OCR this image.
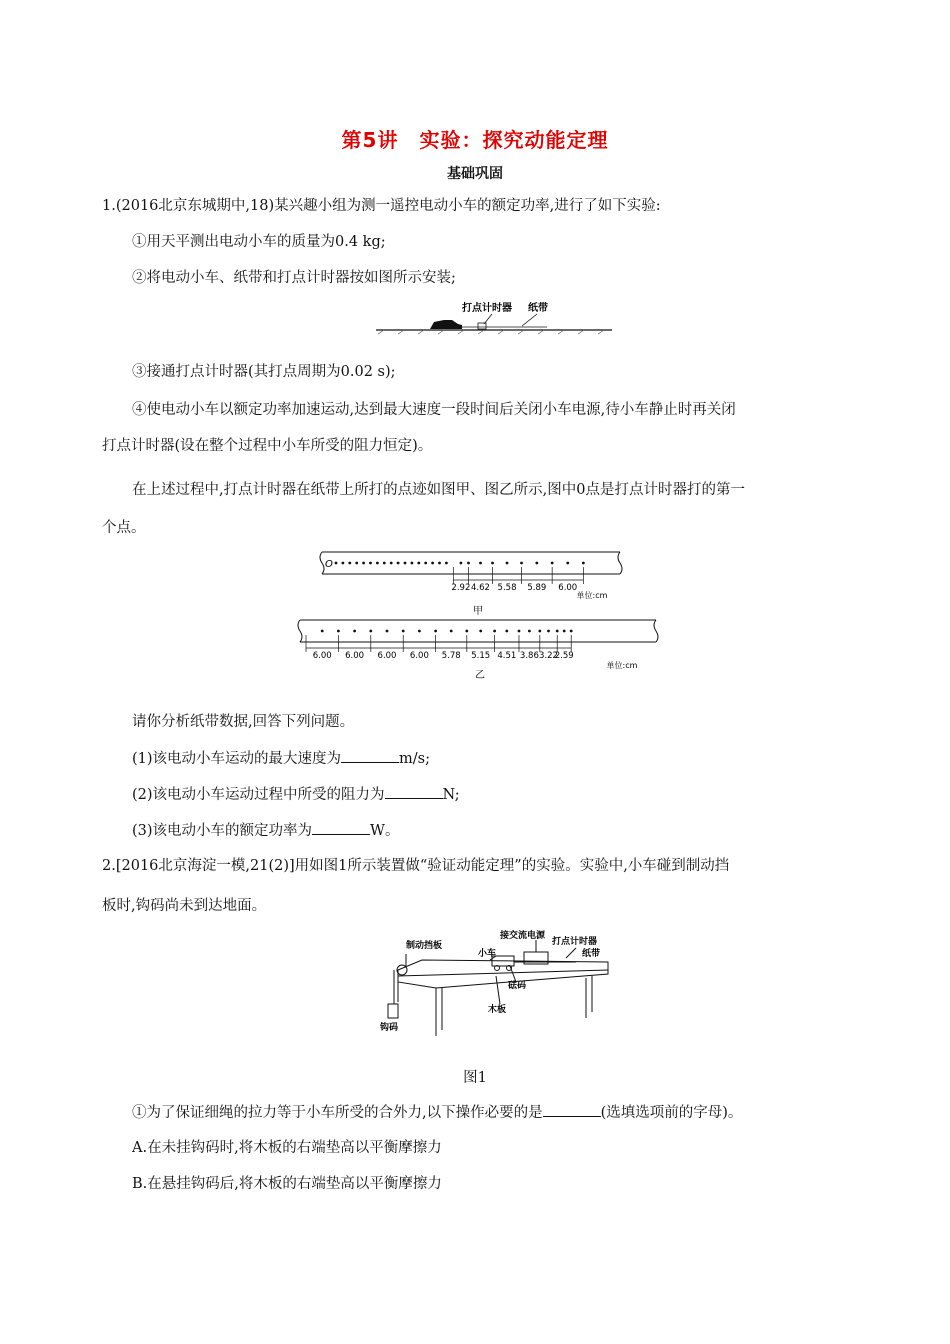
第5讲　实验：探究动能定理
基础巩固
1.(2016北京东城期中,18)某兴趣小组为测一遥控电动小车的额定功率,进行了如下实验:
①用天平测出电动小车的质量为0.4 kg;
②将电动小车、纸带和打点计时器按如图所示安装;
打点计时器 纸带
③接通打点计时器(其打点周期为0.02 s);
④使电动小车以额定功率加速运动,达到最大速度一段时间后关闭小车电源,待小车静止时再关闭
打点计时器(设在整个过程中小车所受的阻力恒定)。
在上述过程中,打点计时器在纸带上所打的点迹如图甲、图乙所示,图中0点是打点计时器打的第一
个点。
O
2.92 4.62 5.58 5.89 6.00
单位:cm
甲
6.00 6.00 6.00 6.00 5.78 5.15 4.51 3.86 3.22
2.59
单位:cm
乙
请你分析纸带数据,回答下列问题。
(1)该电动小车运动的最大速度为	m/s;
(2)该电动小车运动过程中所受的阻力为	N;
(3)该电动小车的额定功率为	W。
2.[2016北京海淀一模,21(2)]用如图1所示装置做“验证动能定理”的实验。实验中,小车碰到制动挡
板时,钩码尚未到达地面。
制动挡板
小车
接交流电源
打点计时器
纸带
砝码
木板
钩码
图1
①为了保证细绳的拉力等于小车所受的合外力,以下操作必要的是	(选填选项前的字母)。
A.在未挂钩码时,将木板的右端垫高以平衡摩擦力
B.在悬挂钩码后,将木板的右端垫高以平衡摩擦力
